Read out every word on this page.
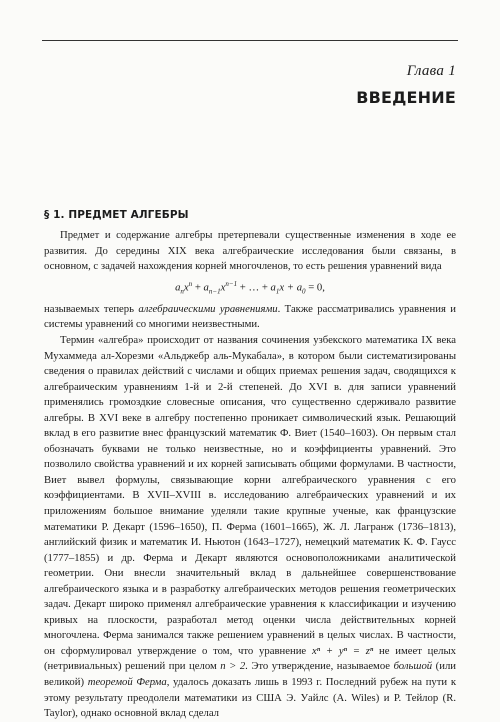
Глава 1
ВВЕДЕНИЕ
§ 1. ПРЕДМЕТ АЛГЕБРЫ

Предмет и содержание алгебры претерпевали существенные изменения в ходе ее развития. До середины XIX века алгебраические исследования были связаны, в основном, с задачей нахождения корней многочленов, то есть решения уравнений вида

$a_nx^n + a_{n-1}x^{n-1}$ + … + $a_1x + a_0 = 0$,

называемых теперь алгебраическими уравнениями. Также рассматривались уравнения и системы уравнений со многими неизвестными.

Термин «алгебра» происходит от названия сочинения узбекского математика IX века Мухаммеда ал-Хорезми «Альджебр аль-Мукабала», в котором были систематизированы сведения о правилах действий с числами и общих приемах решения задач, сводящихся к алгебраическим уравнениям 1-й и 2-й степеней. До XVI в. для записи уравнений применялись громоздкие словесные описания, что существенно сдерживало развитие алгебры. В XVI веке в алгебру постепенно проникает символический язык. Решающий вклад в его развитие внес французский математик Ф. Виет (1540–1603). Он первым стал обозначать буквами не только неизвестные, но и коэффициенты уравнений. Это позволило свойства уравнений и их корней записывать общими формулами. В частности, Виет вывел формулы, связывающие корни алгебраического уравнения с его коэффициентами. В XVII–XVIII в. исследованию алгебраических уравнений и их приложениям большое внимание уделяли такие крупные ученые, как французские математики Р. Декарт (1596–1650), П. Ферма (1601–1665), Ж. Л. Лагранж (1736–1813), английский физик и математик И. Ньютон (1643–1727), немецкий математик К. Ф. Гаусс (1777–1855) и др. Ферма и Декарт являются основоположниками аналитической геометрии. Они внесли значительный вклад в дальнейшее совершенствование алгебраического языка и в разработку алгебраических методов решения геометрических задач. Декарт широко применял алгебраические уравнения к классификации и изучению кривых на плоскости, разработал метод оценки числа действительных корней многочлена. Ферма занимался также решением уравнений в целых числах. В частности, он сформулировал утверждение о том, что уравнение xⁿ + yⁿ = zⁿ не имеет целых (нетривиальных) решений при целом n > 2. Это утверждение, называемое большой (или великой) теоремой Ферма, удалось доказать лишь в 1993 г. Последний рубеж на пути к этому результату преодолели математики из США Э. Уайлс (A. Wiles) и Р. Тейлор (R. Taylor), однако основной вклад сделал
